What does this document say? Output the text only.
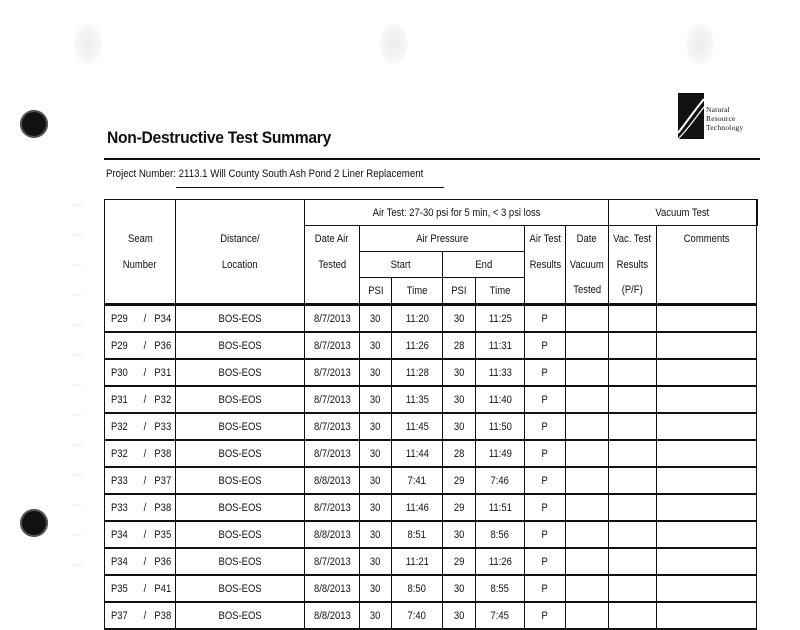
Natural
Resource
Technology
Non-Destructive Test Summary
Project Number: 2113.1 Will County South Ash Pond 2 Liner Replacement
		Air Test: 27-30 psi for 5 min, < 3 psi loss							Vacuum Test		
Seam	Distance/	Date Air	Air Pressure				Air Test	Date	Vac. Test	Comments	
Number	Location	Tested	Start		End		Results	Vacuum	Results		
			PSI	Time	PSI	Time		Tested	(P/F)		
P29 / P34	BOS-EOS	8/7/2013	30	11:20	30	11:25	P				
P29 / P36	BOS-EOS	8/7/2013	30	11:26	28	11:31	P				
P30 / P31	BOS-EOS	8/7/2013	30	11:28	30	11:33	P				
P31 / P32	BOS-EOS	8/7/2013	30	11:35	30	11:40	P				
P32 / P33	BOS-EOS	8/7/2013	30	11:45	30	11:50	P				
P32 / P38	BOS-EOS	8/7/2013	30	11:44	28	11:49	P				
P33 / P37	BOS-EOS	8/8/2013	30	7:41	29	7:46	P				
P33 / P38	BOS-EOS	8/7/2013	30	11:46	29	11:51	P				
P34 / P35	BOS-EOS	8/8/2013	30	8:51	30	8:56	P				
P34 / P36	BOS-EOS	8/7/2013	30	11:21	29	11:26	P				
P35 / P41	BOS-EOS	8/8/2013	30	8:50	30	8:55	P				
P37 / P38	BOS-EOS	8/8/2013	30	7:40	30	7:45	P				
